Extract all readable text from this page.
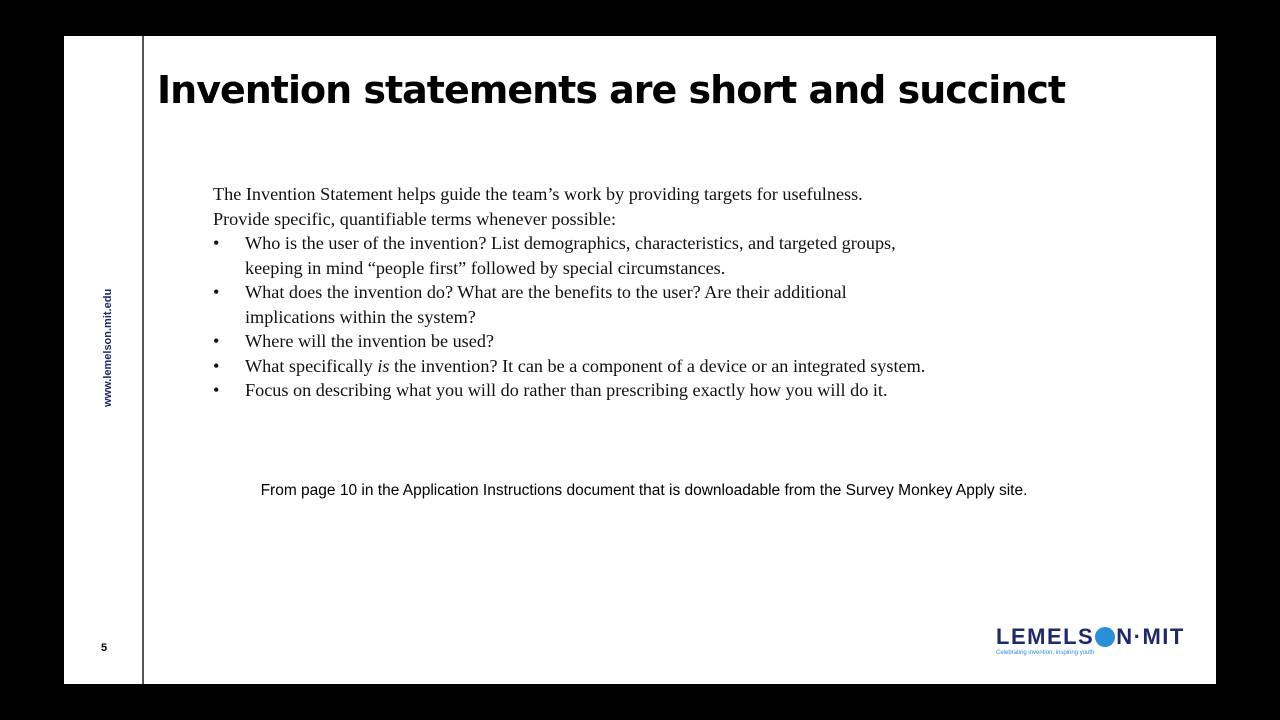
www.lemelson.mit.edu
5
Invention statements are short and succinct
The Invention Statement helps guide the team’s work by providing targets for usefulness.
Provide specific, quantifiable terms whenever possible:
• Who is the user of the invention? List demographics, characteristics, and targeted groups,
keeping in mind “people first” followed by special circumstances.
• What does the invention do? What are the benefits to the user? Are their additional
implications within the system?
• Where will the invention be used?
• What specifically is the invention? It can be a component of a device or an integrated system.
• Focus on describing what you will do rather than prescribing exactly how you will do it.
From page 10 in the Application Instructions document that is downloadable from the Survey Monkey Apply site.
LEMELS N·MIT
Celebrating invention, inspiring youth
